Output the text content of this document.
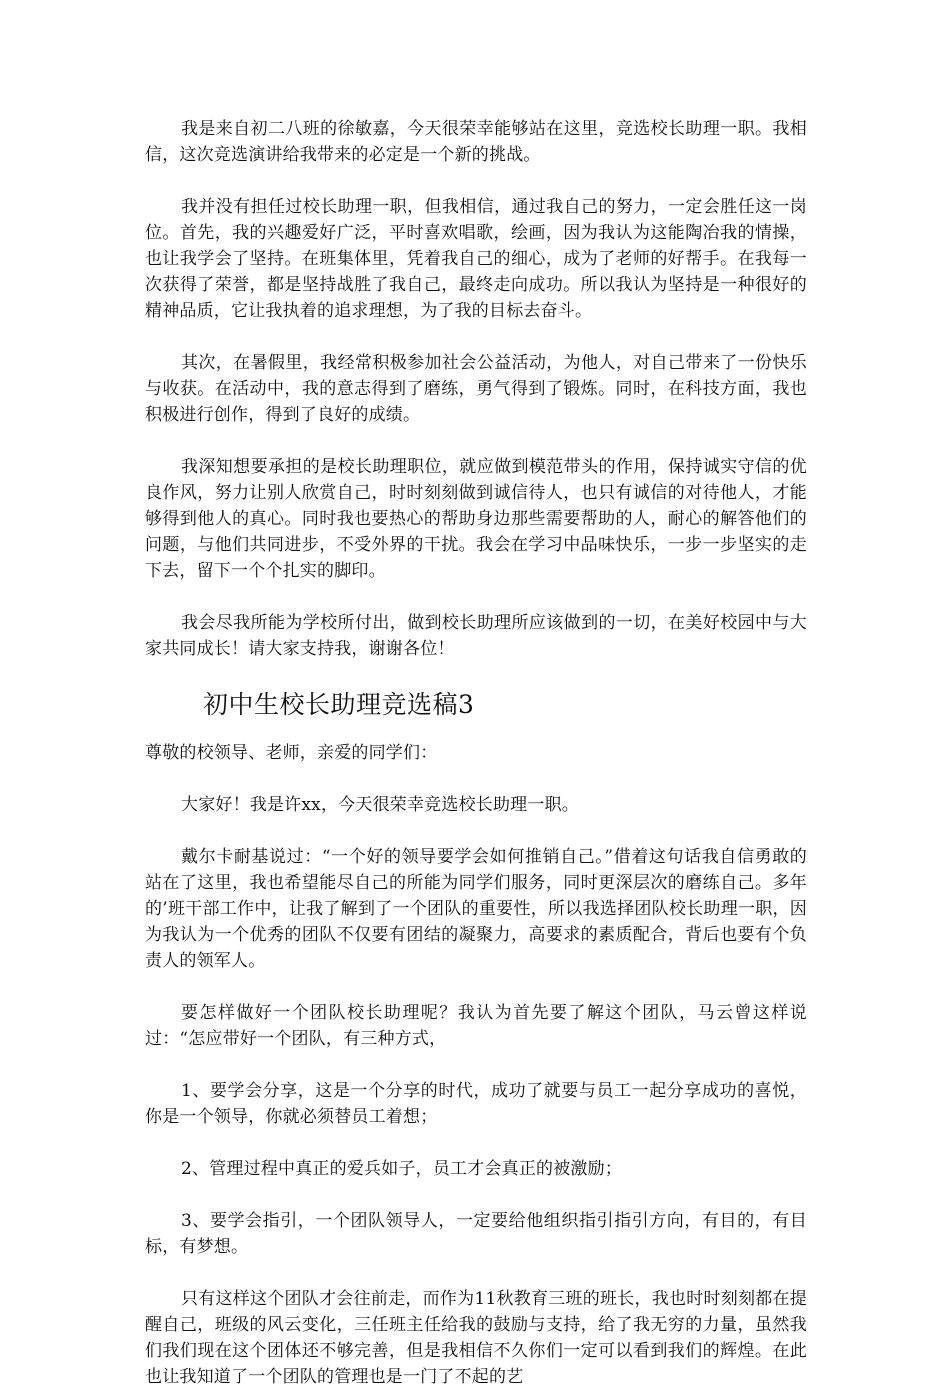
我是来自初二八班的徐敏嘉，今天很荣幸能够站在这里，竞选校长助理一职。我相信，这次竞选演讲给我带来的必定是一个新的挑战。

我并没有担任过校长助理一职，但我相信，通过我自己的努力，一定会胜任这一岗位。首先，我的兴趣爱好广泛，平时喜欢唱歌，绘画，因为我认为这能陶冶我的情操，也让我学会了坚持。在班集体里，凭着我自己的细心，成为了老师的好帮手。在我每一次获得了荣誉，都是坚持战胜了我自己，最终走向成功。所以我认为坚持是一种很好的精神品质，它让我执着的追求理想，为了我的目标去奋斗。

其次，在暑假里，我经常积极参加社会公益活动，为他人，对自己带来了一份快乐与收获。在活动中，我的意志得到了磨练，勇气得到了锻炼。同时，在科技方面，我也积极进行创作，得到了良好的成绩。

我深知想要承担的是校长助理职位，就应做到模范带头的作用，保持诚实守信的优良作风，努力让别人欣赏自己，时时刻刻做到诚信待人，也只有诚信的对待他人，才能够得到他人的真心。同时我也要热心的帮助身边那些需要帮助的人，耐心的解答他们的问题，与他们共同进步，不受外界的干扰。我会在学习中品味快乐，一步一步坚实的走下去，留下一个个扎实的脚印。

我会尽我所能为学校所付出，做到校长助理所应该做到的一切，在美好校园中与大家共同成长！请大家支持我，谢谢各位！

初中生校长助理竞选稿3

尊敬的校领导、老师，亲爱的同学们：

大家好！我是许xx，今天很荣幸竞选校长助理一职。

戴尔卡耐基说过：“一个好的领导要学会如何推销自己。”借着这句话我自信勇敢的站在了这里，我也希望能尽自己的所能为同学们服务，同时更深层次的磨练自己。多年的’班干部工作中，让我了解到了一个团队的重要性，所以我选择团队校长助理一职，因为我认为一个优秀的团队不仅要有团结的凝聚力，高要求的素质配合，背后也要有个负责人的领军人。

要怎样做好一个团队校长助理呢？我认为首先要了解这个团队，马云曾这样说过：“怎应带好一个团队，有三种方式，

1、要学会分享，这是一个分享的时代，成功了就要与员工一起分享成功的喜悦，你是一个领导，你就必须替员工着想；

2、管理过程中真正的爱兵如子，员工才会真正的被激励；

3、要学会指引，一个团队领导人，一定要给他组织指引指引方向，有目的，有目标，有梦想。

只有这样这个团队才会往前走，而作为11秋教育三班的班长，我也时时刻刻都在提醒自己，班级的风云变化，三任班主任给我的鼓励与支持，给了我无穷的力量，虽然我们我们现在这个团体还不够完善，但是我相信不久你们一定可以看到我们的辉煌。在此也让我知道了一个团队的管理也是一门了不起的艺
